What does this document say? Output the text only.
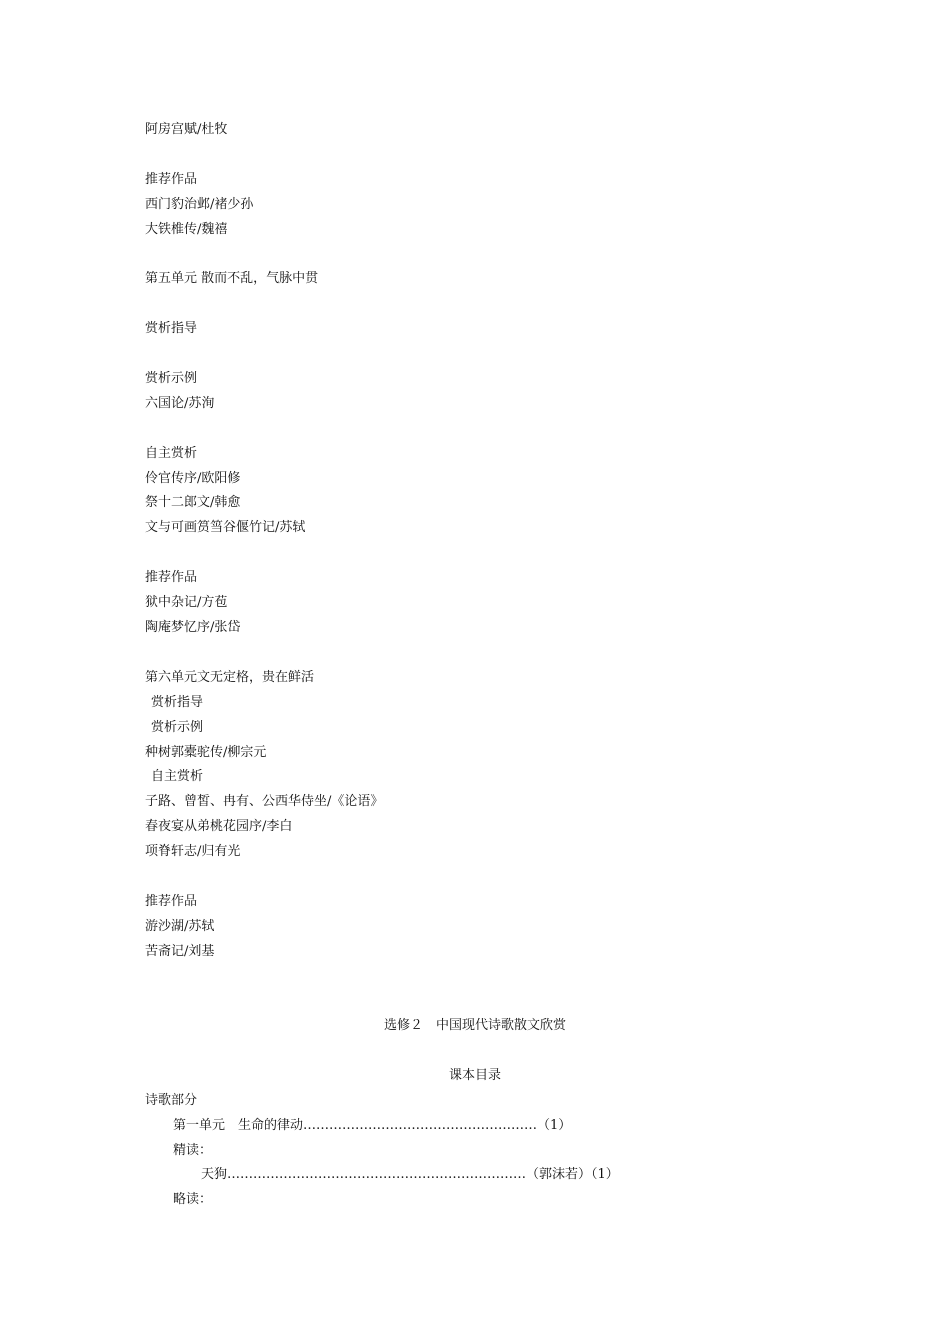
阿房宫赋/杜牧
推荐作品
西门豹治邺/褚少孙
大铁椎传/魏禧
第五单元 散而不乱，气脉中贯
赏析指导
赏析示例
六国论/苏洵
自主赏析
伶官传序/欧阳修
祭十二郎文/韩愈
文与可画筼筜谷偃竹记/苏轼
推荐作品
狱中杂记/方苞
陶庵梦忆序/张岱
第六单元文无定格，贵在鲜活
赏析指导
赏析示例
种树郭橐驼传/柳宗元
自主赏析
子路、曾皙、冉有、公西华侍坐/《论语》
春夜宴从弟桃花园序/李白
项脊轩志/归有光
推荐作品
游沙湖/苏轼
苦斋记/刘基
选修２　中国现代诗歌散文欣赏
课本目录
诗歌部分
第一单元　生命的律动………………………………………………（1）
精读：
天狗……………………………………………………………（郭沫若）（1）
略读：
